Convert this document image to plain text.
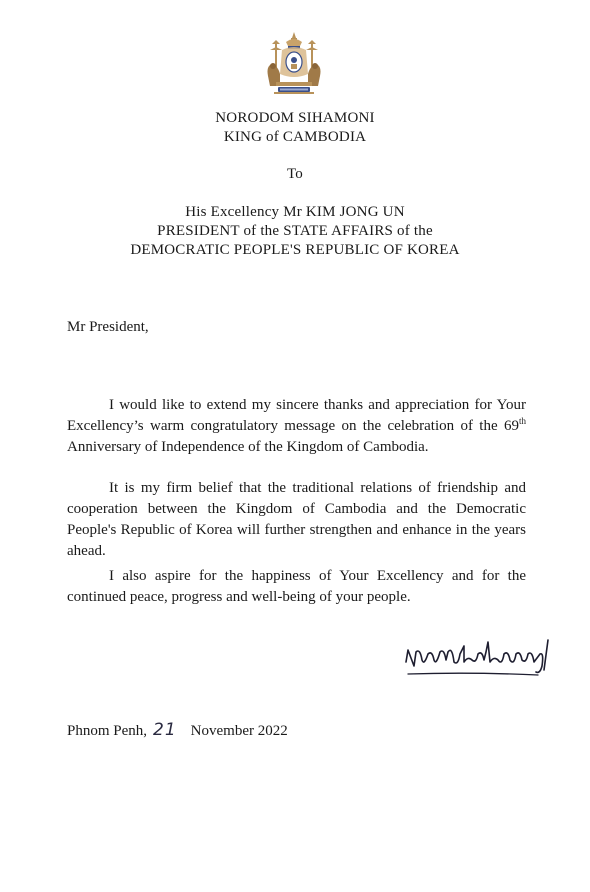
NORODOM SIHAMONI
KING of CAMBODIA
To
His Excellency Mr KIM JONG UN
PRESIDENT of the STATE AFFAIRS of the
DEMOCRATIC PEOPLE'S REPUBLIC OF KOREA
Mr President,
I would like to extend my sincere thanks and appreciation for Your Excellency’s warm congratulatory message on the celebration of the 69th Anniversary of Independence of the Kingdom of Cambodia.
It is my firm belief that the traditional relations of friendship and cooperation between the Kingdom of Cambodia and the Democratic People's Republic of Korea will further strengthen and enhance in the years ahead.
I also aspire for the happiness of Your Excellency and for the continued peace, progress and well-being of your people.
Phnom Penh, 21 November 2022
